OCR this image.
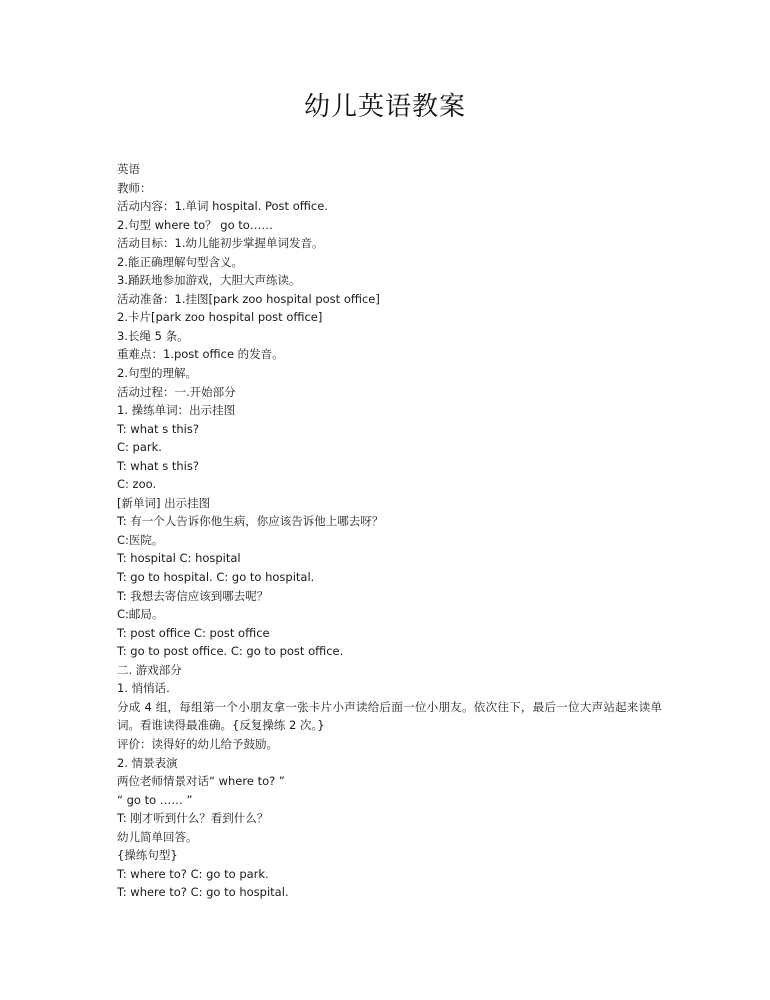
幼儿英语教案
英语
教师：
活动内容：1.单词 hospital. Post office.
2.句型 where to？ go to……
活动目标：1.幼儿能初步掌握单词发音。
2.能正确理解句型含义。
3.踊跃地参加游戏，大胆大声练读。
活动准备：1.挂图[park zoo hospital post office]
2.卡片[park zoo hospital post office]
3.长绳 5 条。
重难点：1.post office 的发音。
2.句型的理解。
活动过程：一.开始部分
1. 操练单词：出示挂图
T: what s this?
C: park.
T: what s this?
C: zoo.
[新单词] 出示挂图
T: 有一个人告诉你他生病，你应该告诉他上哪去呀？
C:医院。
T: hospital C: hospital
T: go to hospital. C: go to hospital.
T: 我想去寄信应该到哪去呢？
C:邮局。
T: post office C: post office
T: go to post office. C: go to post office.
二. 游戏部分
1. 悄悄话.
分成 4 组，每组第一个小朋友拿一张卡片小声读给后面一位小朋友。依次往下，最后一位大声站起来读单词。看谁读得最准确。{反复操练 2 次。}
评价：读得好的幼儿给予鼓励。
2. 情景表演
两位老师情景对话“ where to? ”
“ go to …… ”
T: 刚才听到什么？看到什么？
幼儿简单回答。
{操练句型}
T: where to? C: go to park.
T: where to? C: go to hospital.
